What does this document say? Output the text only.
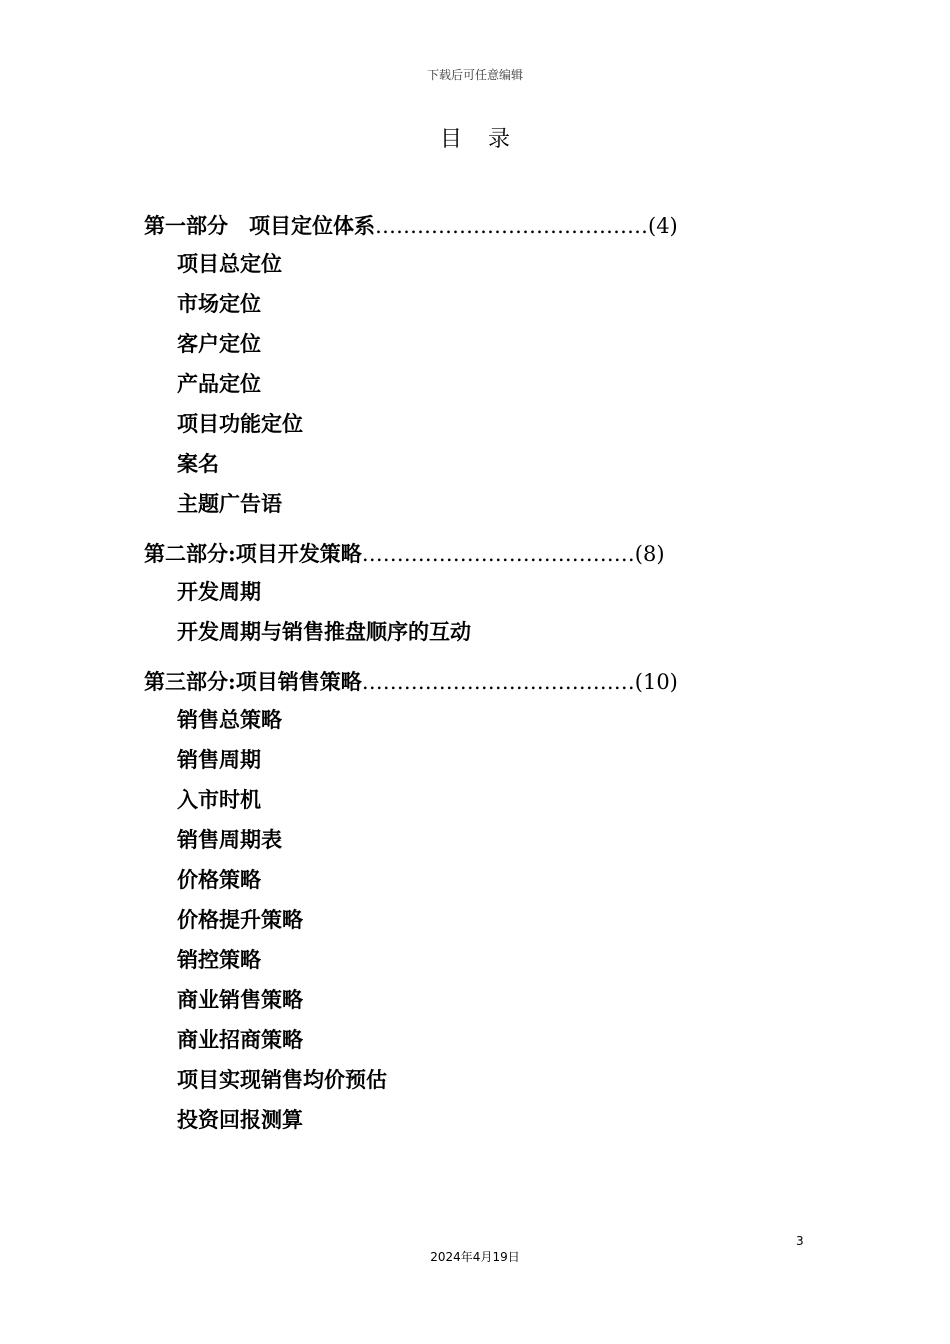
下载后可任意编辑
目录
第一部分　项目定位体系…………………………………(4)
项目总定位
市场定位
客户定位
产品定位
项目功能定位
案名
主题广告语
第二部分:项目开发策略…………………………………(8)
开发周期
开发周期与销售推盘顺序的互动
第三部分:项目销售策略…………………………………(10)
销售总策略
销售周期
入市时机
销售周期表
价格策略
价格提升策略
销控策略
商业销售策略
商业招商策略
项目实现销售均价预估
投资回报测算
3
2024年4月19日
